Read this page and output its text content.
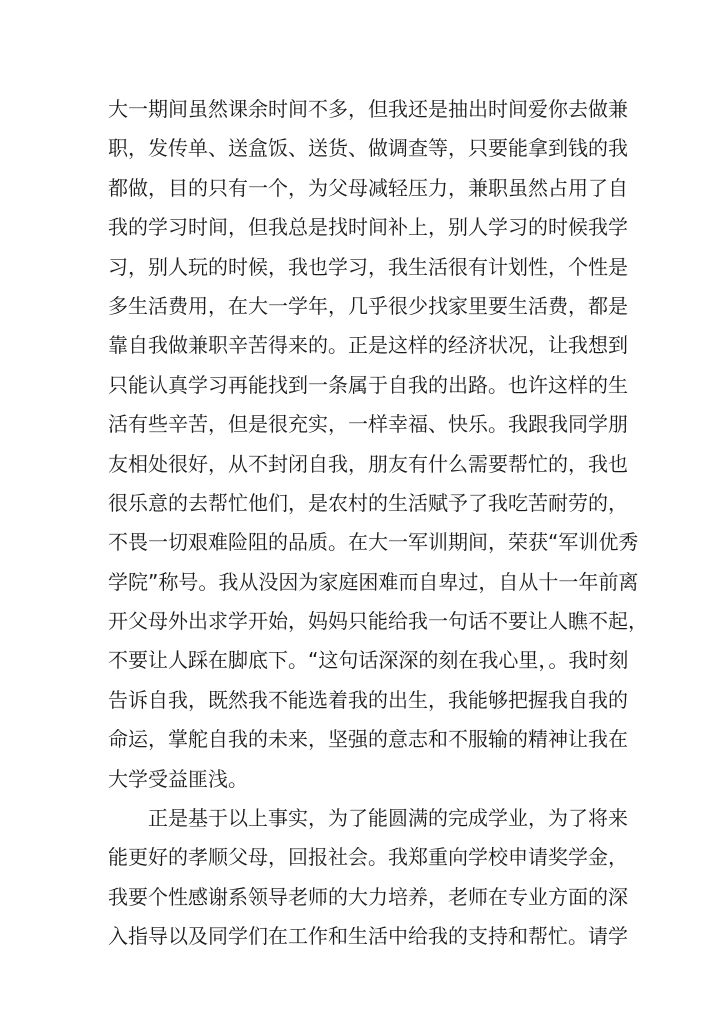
大一期间虽然课余时间不多，但我还是抽出时间爱你去做兼
职，发传单、送盒饭、送货、做调查等，只要能拿到钱的我
都做，目的只有一个，为父母减轻压力，兼职虽然占用了自
我的学习时间，但我总是找时间补上，别人学习的时候我学
习，别人玩的时候，我也学习，我生活很有计划性，个性是
多生活费用，在大一学年，几乎很少找家里要生活费，都是
靠自我做兼职辛苦得来的。正是这样的经济状况，让我想到
只能认真学习再能找到一条属于自我的出路。也许这样的生
活有些辛苦，但是很充实，一样幸福、快乐。我跟我同学朋
友相处很好，从不封闭自我，朋友有什么需要帮忙的，我也
很乐意的去帮忙他们，是农村的生活赋予了我吃苦耐劳的，
不畏一切艰难险阻的品质。在大一军训期间，荣获“军训优秀
学院”称号。我从没因为家庭困难而自卑过，自从十一年前离
开父母外出求学开始，妈妈只能给我一句话不要让人瞧不起，
不要让人踩在脚底下。“这句话深深的刻在我心里，。我时刻
告诉自我，既然我不能选着我的出生，我能够把握我自我的
命运，掌舵自我的未来，坚强的意志和不服输的精神让我在
大学受益匪浅。
正是基于以上事实，为了能圆满的完成学业，为了将来
能更好的孝顺父母，回报社会。我郑重向学校申请奖学金，
我要个性感谢系领导老师的大力培养，老师在专业方面的深
入指导以及同学们在工作和生活中给我的支持和帮忙。请学
